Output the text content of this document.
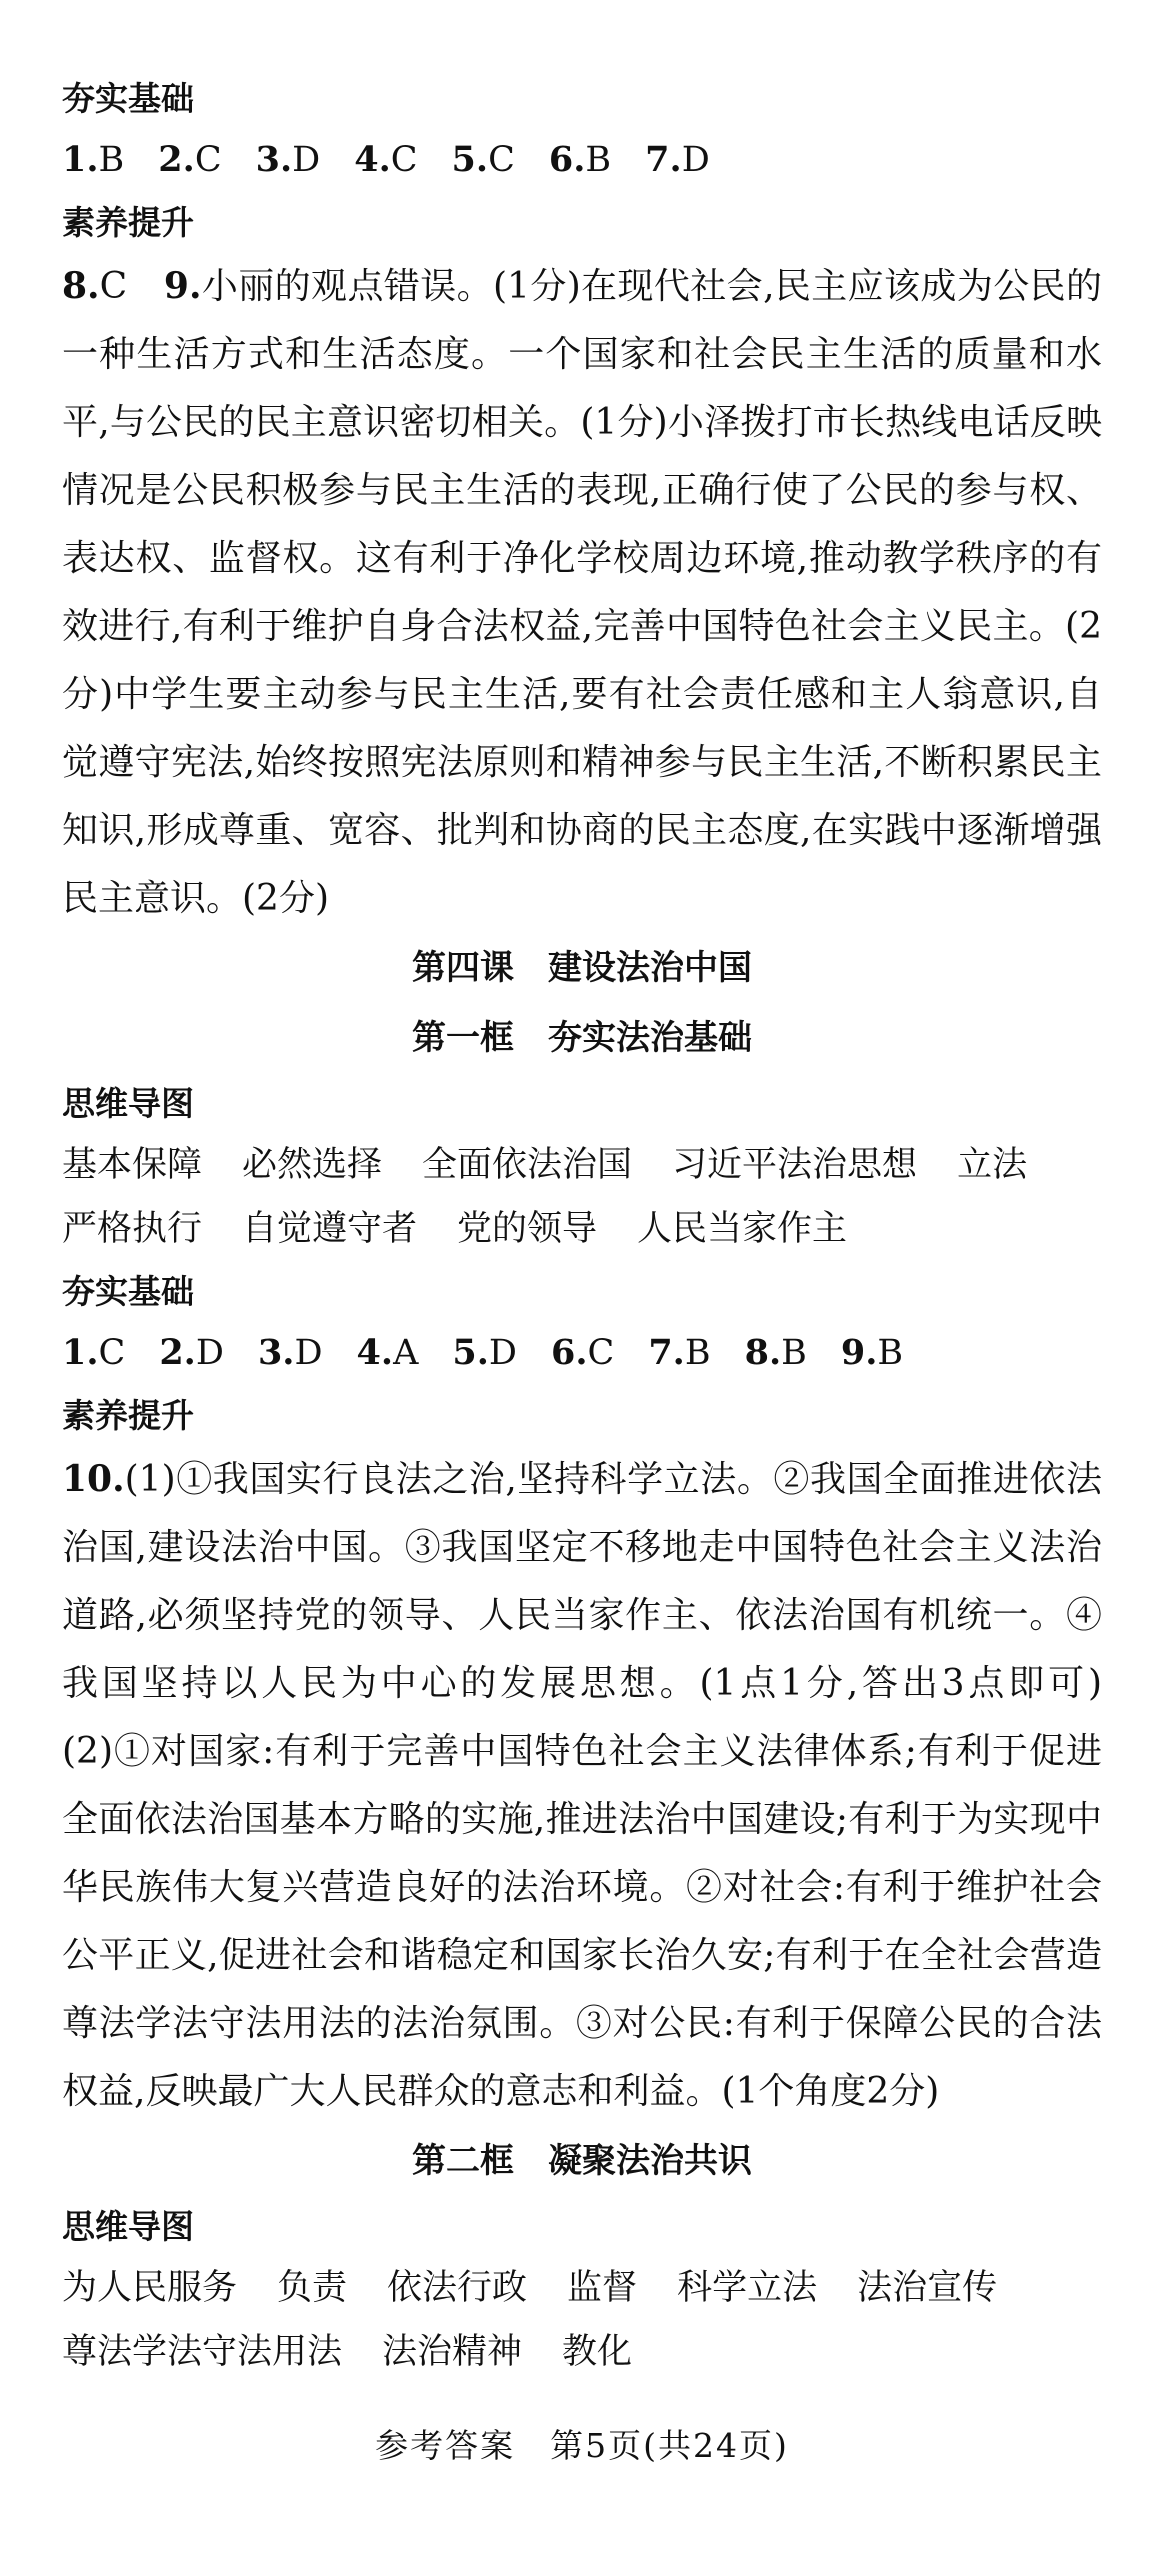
夯实基础
1.B 2.C 3.D 4.C 5.C 6.B 7.D
素养提升

8.C　 9.小丽的观点错误。(1分)在现代社会,民主应该成为公民的一种生活方式和生活态度。一个国家和社会民主生活的质量和水平,与公民的民主意识密切相关。(1分)小泽拨打市长热线电话反映情况是公民积极参与民主生活的表现,正确行使了公民的参与权、表达权、监督权。这有利于净化学校周边环境,推动教学秩序的有效进行,有利于维护自身合法权益,完善中国特色社会主义民主。(2分)中学生要主动参与民主生活,要有社会责任感和主人翁意识,自觉遵守宪法,始终按照宪法原则和精神参与民主生活,不断积累民主知识,形成尊重、宽容、批判和协商的民主态度,在实践中逐渐增强民主意识。(2分)

第四课　建设法治中国
第一框　夯实法治基础
思维导图
基本保障 必然选择 全面依法治国 习近平法治思想 立法
严格执行 自觉遵守者 党的领导 人民当家作主
夯实基础
1.C 2.D 3.D 4.A 5.D 6.C 7.B 8.B 9.B
素养提升

10.(1)①我国实行良法之治,坚持科学立法。②我国全面推进依法治国,建设法治中国。③我国坚定不移地走中国特色社会主义法治道路,必须坚持党的领导、人民当家作主、依法治国有机统一。④我国坚持以人民为中心的发展思想。(1点1分,答出3点即可)　(2)①对国家:有利于完善中国特色社会主义法律体系;有利于促进全面依法治国基本方略的实施,推进法治中国建设;有利于为实现中华民族伟大复兴营造良好的法治环境。②对社会:有利于维护社会公平正义,促进社会和谐稳定和国家长治久安;有利于在全社会营造尊法学法守法用法的法治氛围。③对公民:有利于保障公民的合法权益,反映最广大人民群众的意志和利益。(1个角度2分)

第二框　凝聚法治共识
思维导图
为人民服务 负责 依法行政 监督 科学立法 法治宣传
尊法学法守法用法 法治精神 教化
参考答案　第5页(共24页)
